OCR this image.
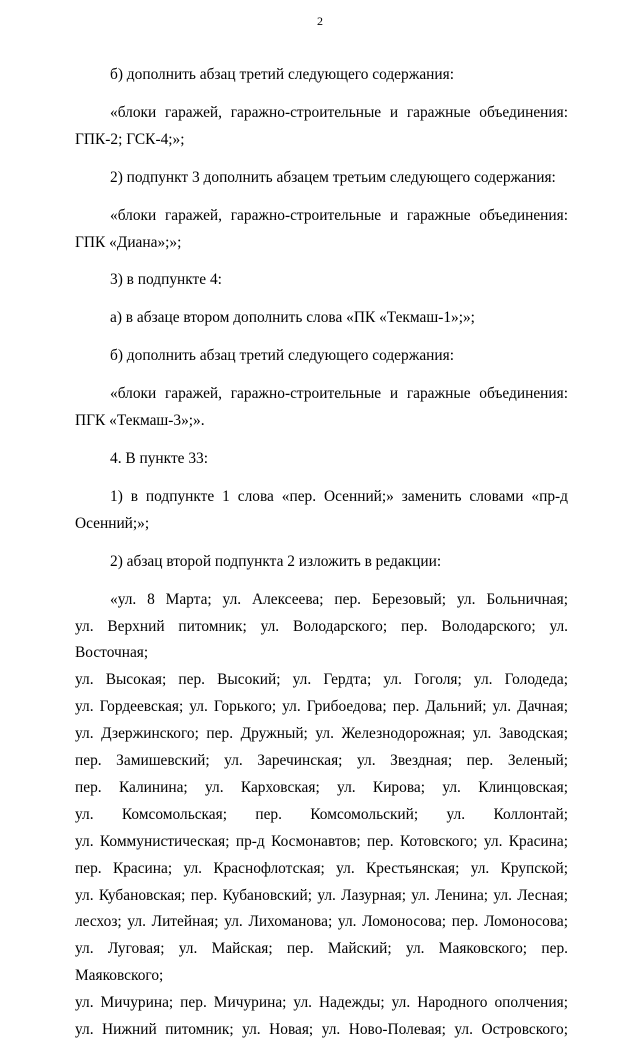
2

б) дополнить абзац третий следующего содержания:

«блоки гаражей, гаражно-строительные и гаражные объединения: ГПК-2; ГСК-4;»;

2) подпункт 3 дополнить абзацем третьим следующего содержания:

«блоки гаражей, гаражно-строительные и гаражные объединения: ГПК «Диана»;»;

3) в подпункте 4:

а) в абзаце втором дополнить слова «ПК «Текмаш-1»;»;

б) дополнить абзац третий следующего содержания:

«блоки гаражей, гаражно-строительные и гаражные объединения: ПГК «Текмаш-3»;».

4. В пункте 33:

1) в подпункте 1 слова «пер. Осенний;» заменить словами «пр-д Осенний;»;

2) абзац второй подпункта 2 изложить в редакции:

«ул. 8 Марта; ул. Алексеева; пер. Березовый; ул. Больничная;
ул. Верхний питомник; ул. Володарского; пер. Володарского; ул. Восточная;
ул. Высокая; пер. Высокий; ул. Гердта; ул. Гоголя; ул. Голодеда;
ул. Гордеевская; ул. Горького; ул. Грибоедова; пер. Дальний; ул. Дачная;
ул. Дзержинского; пер. Дружный; ул. Железнодорожная; ул. Заводская;
пер. Замишевский; ул. Заречинская; ул. Звездная; пер. Зеленый;
пер. Калинина; ул. Карховская; ул. Кирова; ул. Клинцовская;
ул. Комсомольская; пер. Комсомольский; ул. Коллонтай;
ул. Коммунистическая; пр-д Космонавтов; пер. Котовского; ул. Красина;
пер. Красина; ул. Краснофлотская; ул. Крестьянская; ул. Крупской;
ул. Кубановская; пер. Кубановский; ул. Лазурная; ул. Ленина; ул. Лесная;
лесхоз; ул. Литейная; ул. Лихоманова; ул. Ломоносова; пер. Ломоносова;
ул. Луговая; ул. Майская; пер. Майский; ул. Маяковского; пер. Маяковского;
ул. Мичурина; пер. Мичурина; ул. Надежды; ул. Народного ополчения;
ул. Нижний питомник; ул. Новая; ул. Ново-Полевая; ул. Островского;
